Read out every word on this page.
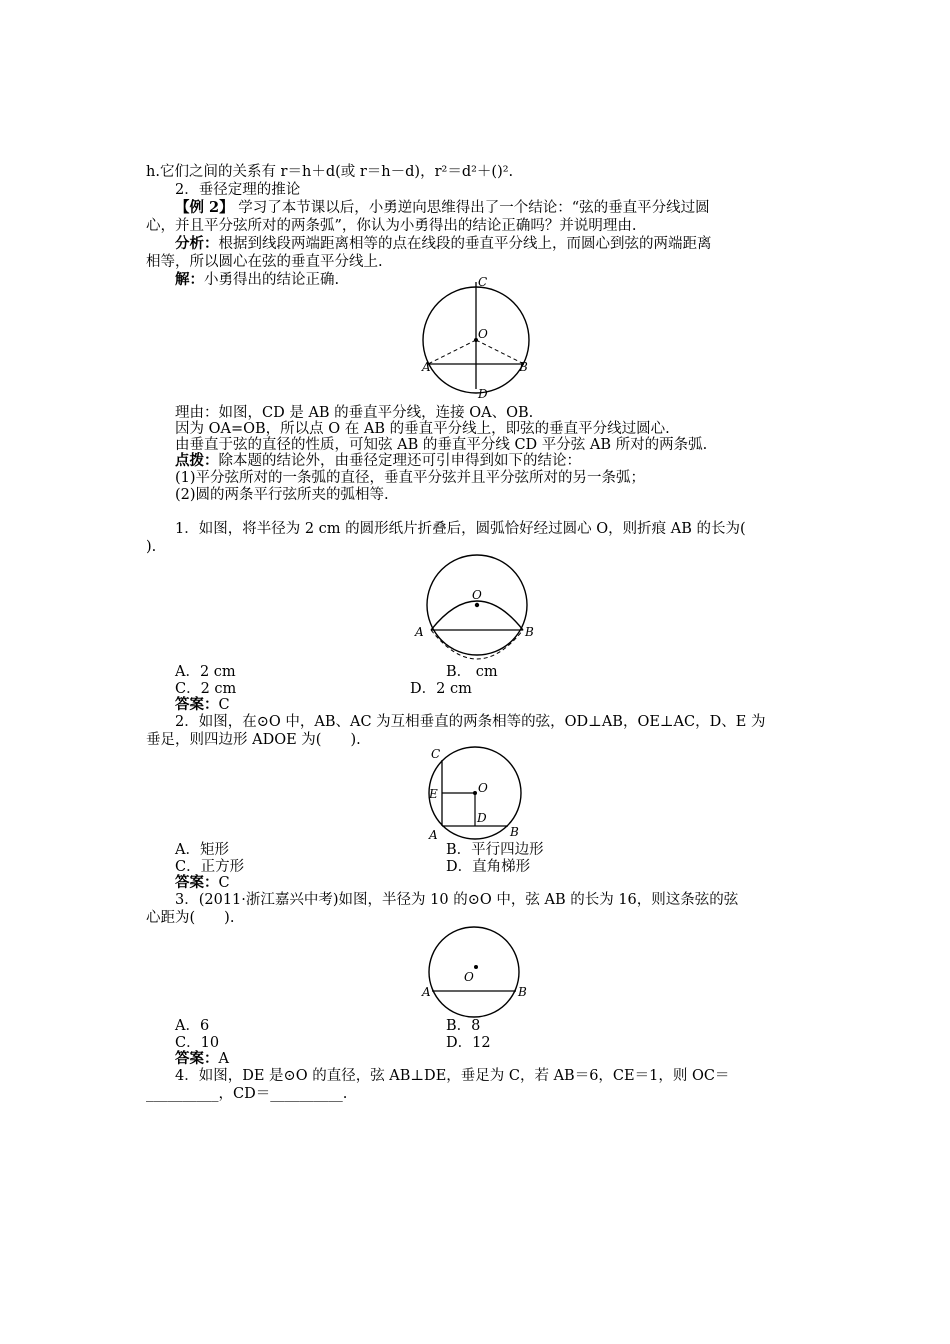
h.它们之间的关系有 r＝h＋d(或 r＝h－d)，r²＝d²＋()².
2．垂径定理的推论
【例 2】 学习了本节课以后，小勇逆向思维得出了一个结论：“弦的垂直平分线过圆
心，并且平分弦所对的两条弧”，你认为小勇得出的结论正确吗？并说明理由.
分析：根据到线段两端距离相等的点在线段的垂直平分线上，而圆心到弦的两端距离
相等，所以圆心在弦的垂直平分线上.
解：小勇得出的结论正确.	C
O
A	B
D
理由：如图，CD 是 AB 的垂直平分线，连接 OA、OB.
因为 OA=OB，所以点 O 在 AB 的垂直平分线上，即弦的垂直平分线过圆心.
由垂直于弦的直径的性质，可知弦 AB 的垂直平分线 CD 平分弦 AB 所对的两条弧.
点拨：除本题的结论外，由垂径定理还可引申得到如下的结论：
(1)平分弦所对的一条弧的直径，垂直平分弦并且平分弦所对的另一条弧；
(2)圆的两条平行弦所夹的弧相等.
1．如图，将半径为 2 cm 的圆形纸片折叠后，圆弧恰好经过圆心 O，则折痕 AB 的长为(
).
O
A	B
A．2 cm	B． cm
C．2 cm	D．2 cm
答案：C
2．如图，在⊙O 中，AB、AC 为互相垂直的两条相等的弦，OD⊥AB，OE⊥AC，D、E 为
垂足，则四边形 ADOE 为(　　).
C
E	O
D
A	B
A．矩形	B．平行四边形
C．正方形	D．直角梯形
答案：C
3．(2011·浙江嘉兴中考)如图，半径为 10 的⊙O 中，弦 AB 的长为 16，则这条弦的弦
心距为(　　).
O
A	B
A．6	B．8
C．10	D．12
答案：A
4．如图，DE 是⊙O 的直径，弦 AB⊥DE，垂足为 C，若 AB＝6，CE＝1，则 OC＝
__________，CD＝__________.
